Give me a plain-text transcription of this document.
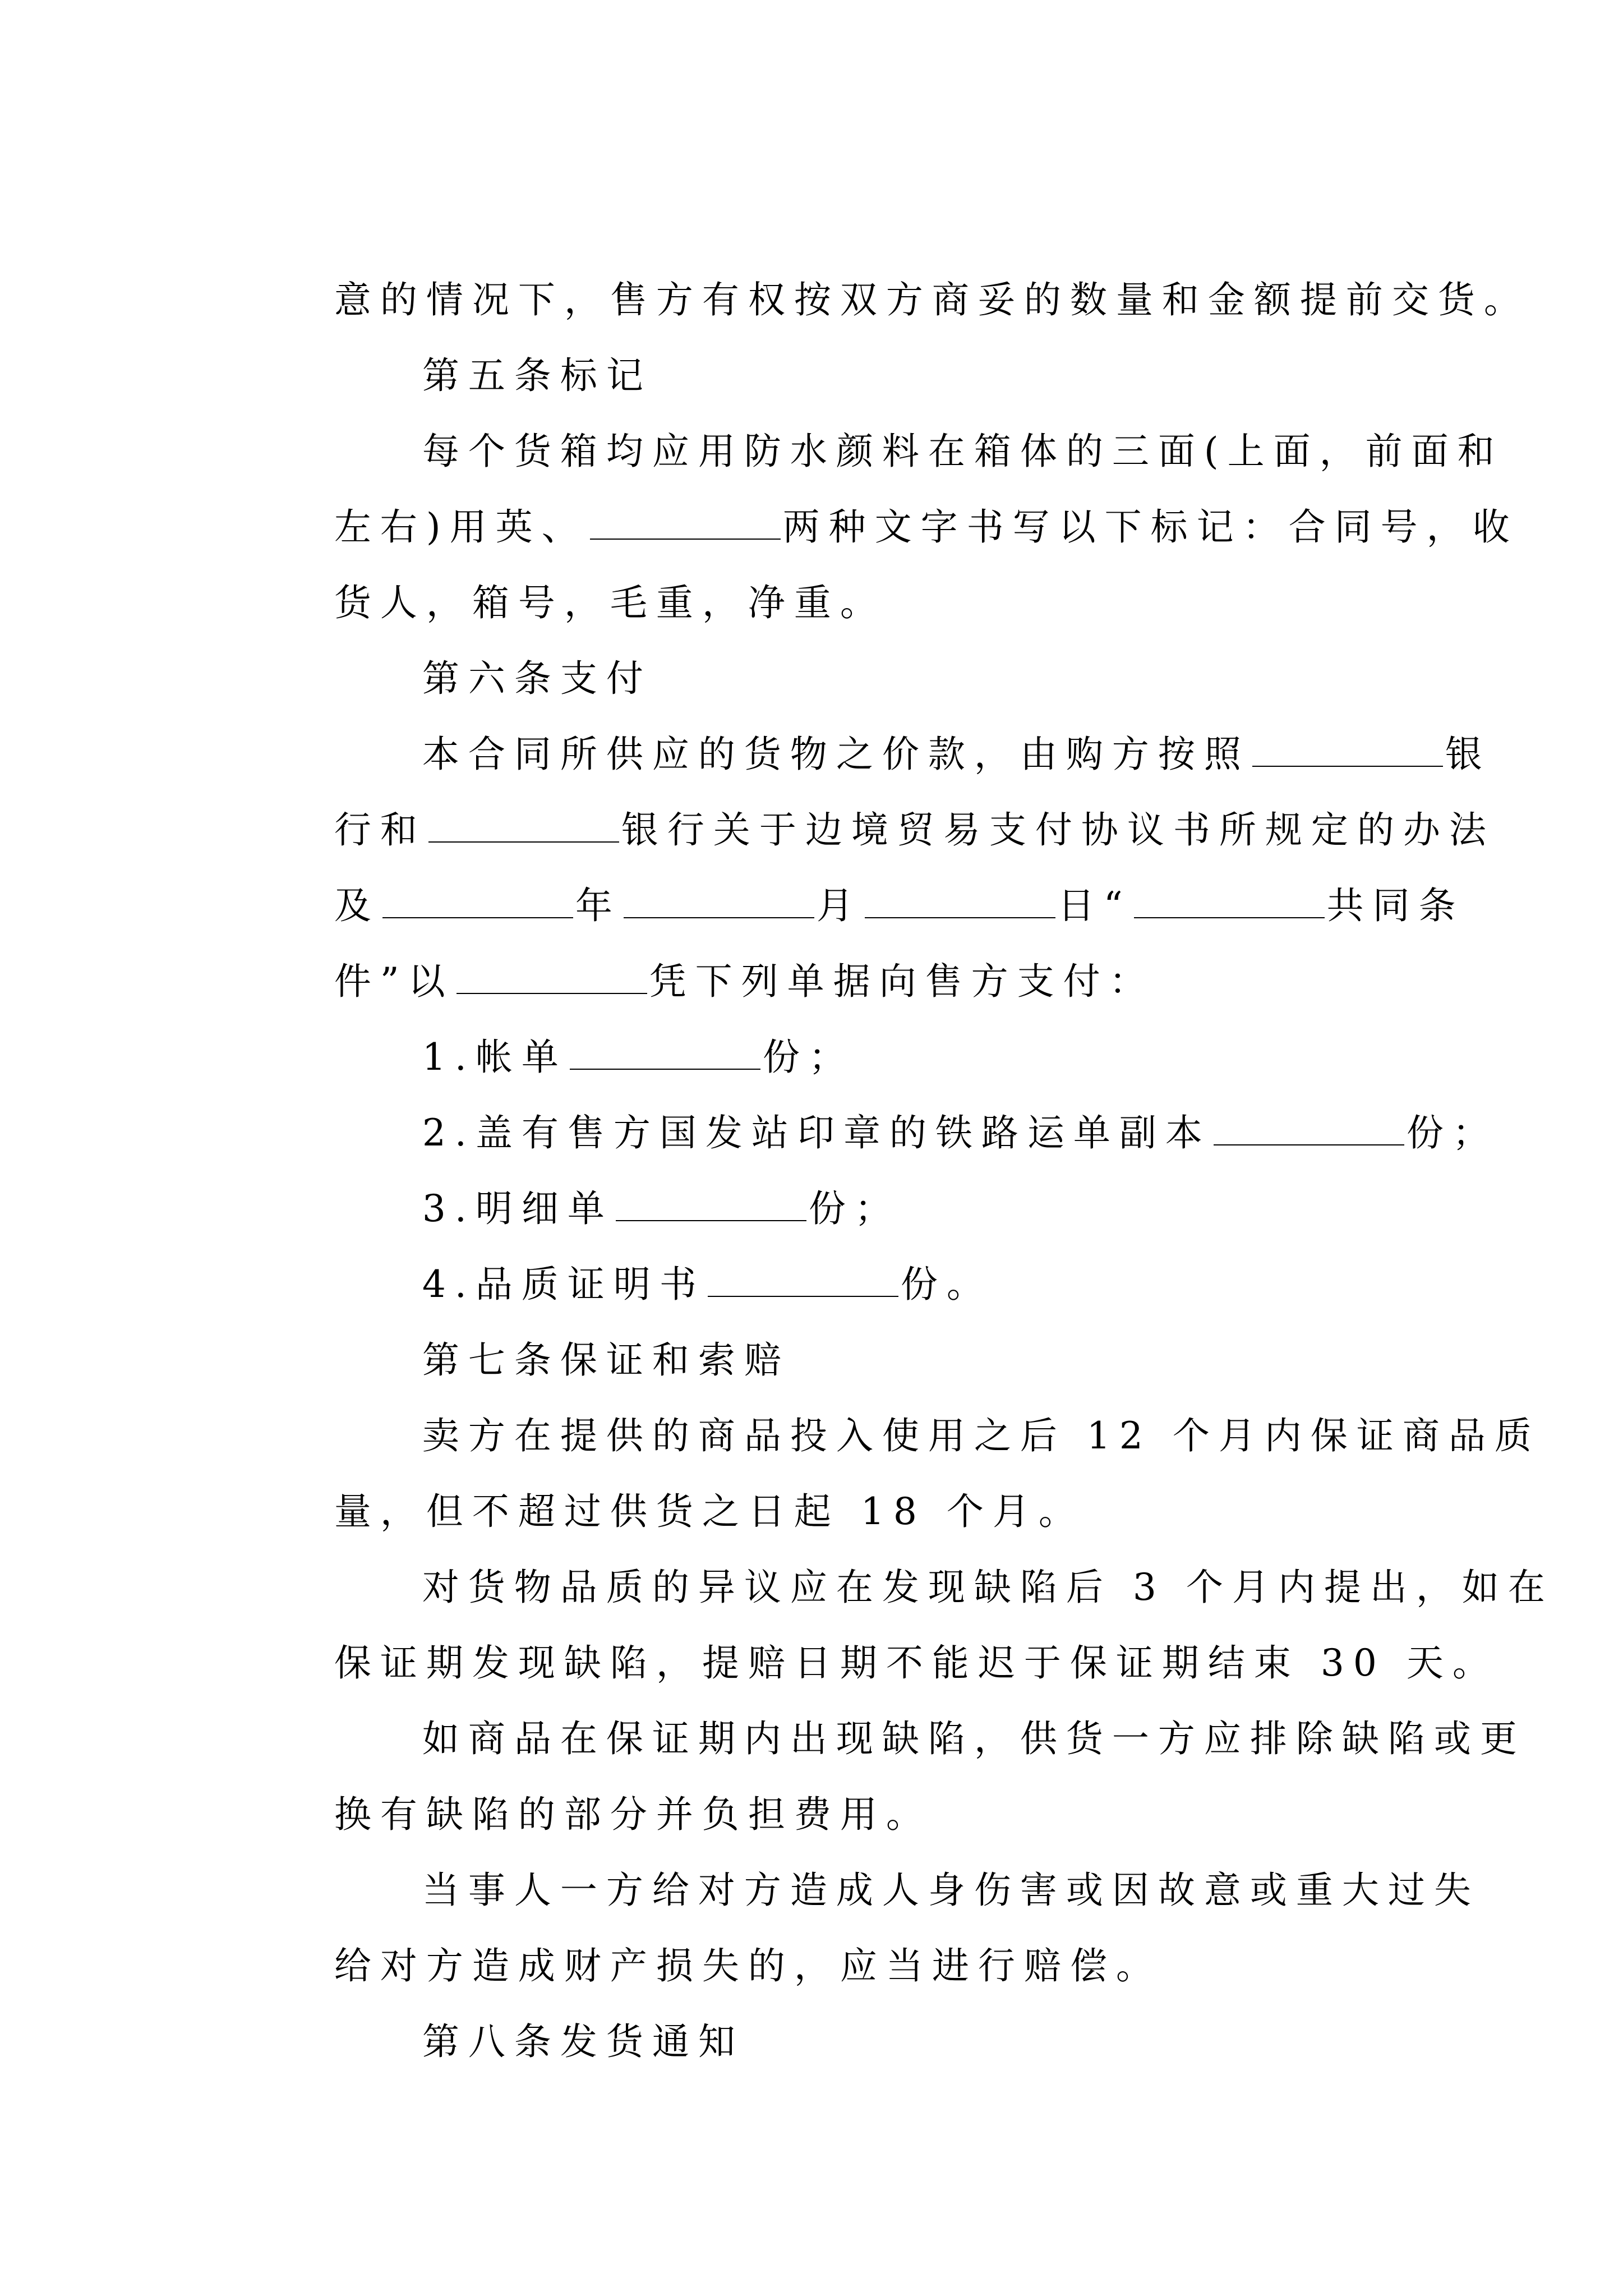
意的情况下，售方有权按双方商妥的数量和金额提前交货。

第五条标记

每个货箱均应用防水颜料在箱体的三面(上面，前面和

左右)用英、	两种文字书写以下标记：合同号，收

货人，箱号，毛重，净重。

第六条支付

本合同所供应的货物之价款，由购方按照	银

行和	银行关于边境贸易支付协议书所规定的办法

及	年	月	日“	共同条

件”以	凭下列单据向售方支付：

1.帐单	份；

2.盖有售方国发站印章的铁路运单副本	份；

3.明细单	份；

4.品质证明书	份。

第七条保证和索赔

卖方在提供的商品投入使用之后 12 个月内保证商品质

量，但不超过供货之日起 18 个月。

对货物品质的异议应在发现缺陷后 3 个月内提出，如在

保证期发现缺陷，提赔日期不能迟于保证期结束 30 天。

如商品在保证期内出现缺陷，供货一方应排除缺陷或更

换有缺陷的部分并负担费用。

当事人一方给对方造成人身伤害或因故意或重大过失

给对方造成财产损失的，应当进行赔偿。

第八条发货通知
